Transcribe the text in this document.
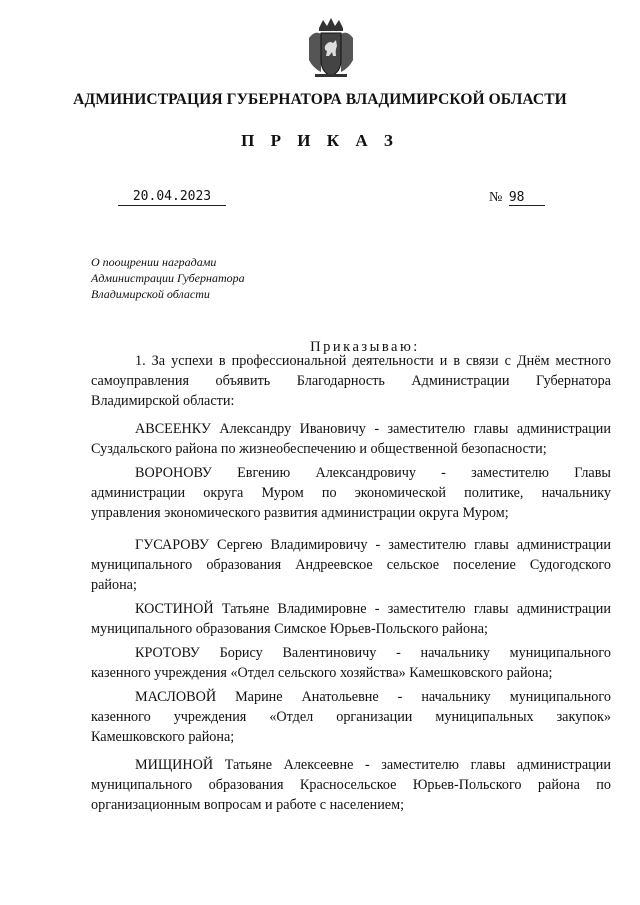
АДМИНИСТРАЦИЯ ГУБЕРНАТОРА ВЛАДИМИРСКОЙ ОБЛАСТИ
П Р И К А З
20.04.2023	№ 98
О поощрении наградами
Администрации Губернатора
Владимирской области
Приказываю:
1. За успехи в профессиональной деятельности и в связи с Днём местного
самоуправления объявить Благодарность Администрации Губернатора
Владимирской области:
АВСЕЕНКУ Александру Ивановичу - заместителю главы администрации
Суздальского района по жизнеобеспечению и общественной безопасности;
ВОРОНОВУ Евгению Александровичу - заместителю Главы
администрации округа Муром по экономической политике, начальнику
управления экономического развития администрации округа Муром;
ГУСАРОВУ Сергею Владимировичу - заместителю главы администрации
муниципального образования Андреевское сельское поселение Судогодского
района;
КОСТИНОЙ Татьяне Владимировне - заместителю главы администрации
муниципального образования Симское Юрьев-Польского района;
КРОТОВУ Борису Валентиновичу - начальнику муниципального
казенного учреждения «Отдел сельского хозяйства» Камешковского района;
МАСЛОВОЙ Марине Анатольевне - начальнику муниципального
казенного учреждения «Отдел организации муниципальных закупок»
Камешковского района;
МИЩИНОЙ Татьяне Алексеевне - заместителю главы администрации
муниципального образования Красносельское Юрьев-Польского района по
организационным вопросам и работе с населением;
